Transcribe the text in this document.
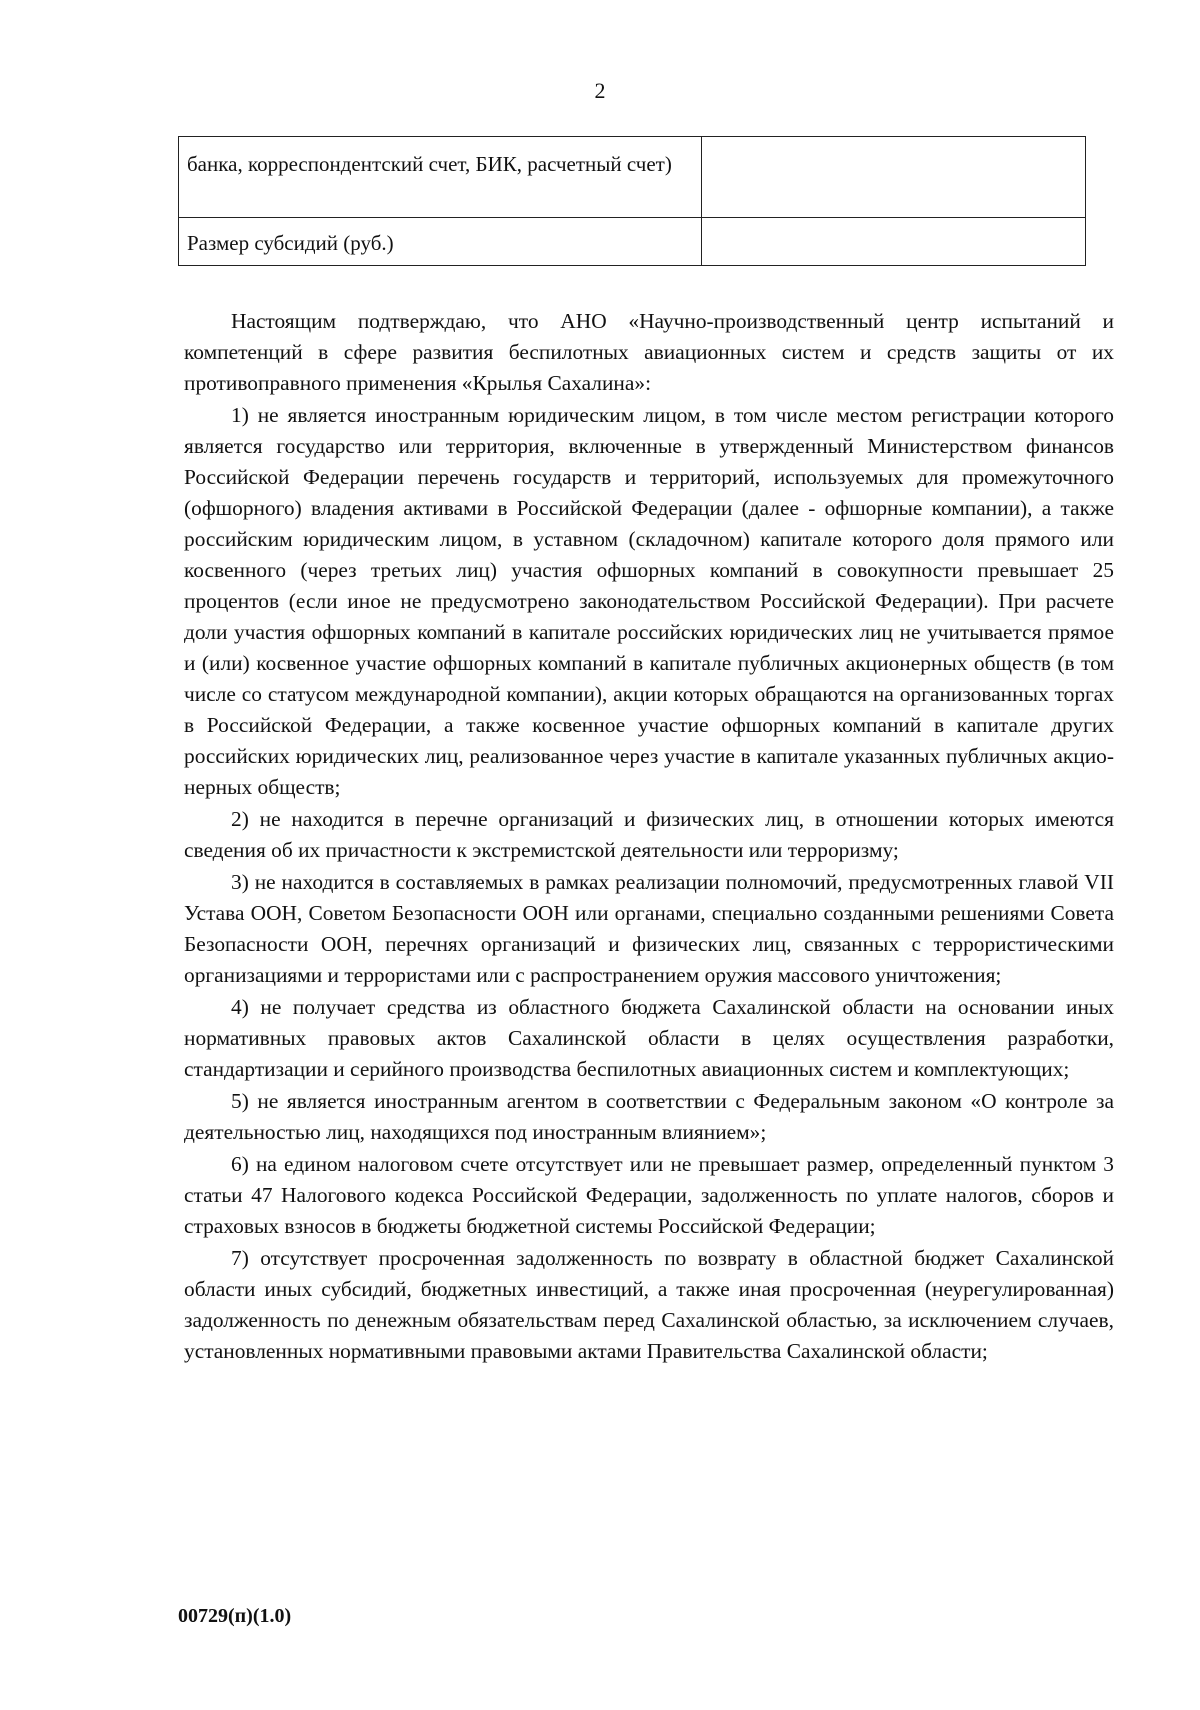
2
банка, корреспондентский счет, БИК, расчетный счет)	
Размер субсидий (руб.)	

Настоящим подтверждаю, что АНО «Научно-производственный центр испытаний и компетенций в сфере развития беспилотных авиационных систем и средств защиты от их противоправного применения «Крылья Сахалина»:

1) не является иностранным юридическим лицом, в том числе местом регистрации которого является государство или территория, включенные в утвержденный Министерством финансов Российской Федерации перечень государств и территорий, используемых для промежуточного (офшорного) владения активами в Российской Федерации (далее - офшорные компании), а также российским юридическим лицом, в уставном (складочном) капитале которого доля прямого или косвенного (через третьих лиц) участия офшорных компаний в совокупности превышает 25 процентов (если иное не предусмотрено законодательством Российской Федерации). При расчете доли участия офшорных компаний в капитале российских юридических лиц не учитывается прямое и (или) косвенное участие офшорных компаний в капитале публичных акционерных обществ (в том числе со статусом международной компании), акции которых обращаются на организованных торгах в Российской Федерации, а также косвенное участие офшорных компаний в капитале других российских юридических лиц, реализованное через участие в капитале указанных публичных акционерных обществ;

2) не находится в перечне организаций и физических лиц, в отношении которых имеются сведения об их причастности к экстремистской деятельности или терроризму;

3) не находится в составляемых в рамках реализации полномочий, предусмотренных главой VII Устава ООН, Советом Безопасности ООН или органами, специально созданными решениями Совета Безопасности ООН, перечнях организаций и физических лиц, связанных с террористическими организациями и террористами или с распространением оружия массового уничтожения;

4) не получает средства из областного бюджета Сахалинской области на основании иных нормативных правовых актов Сахалинской области в целях осуществления разработки, стандартизации и серийного производства беспилотных авиационных систем и комплектующих;

5) не является иностранным агентом в соответствии с Федеральным законом «О контроле за деятельностью лиц, находящихся под иностранным влиянием»;

6) на едином налоговом счете отсутствует или не превышает размер, определенный пунктом 3 статьи 47 Налогового кодекса Российской Федерации, задолженность по уплате налогов, сборов и страховых взносов в бюджеты бюджетной системы Российской Федерации;

7) отсутствует просроченная задолженность по возврату в областной бюджет Сахалинской области иных субсидий, бюджетных инвестиций, а также иная просроченная (неурегулированная) задолженность по денежным обязательствам перед Сахалинской областью, за исключением случаев, установленных нормативными правовыми актами Правительства Сахалинской области;

00729(п)(1.0)
